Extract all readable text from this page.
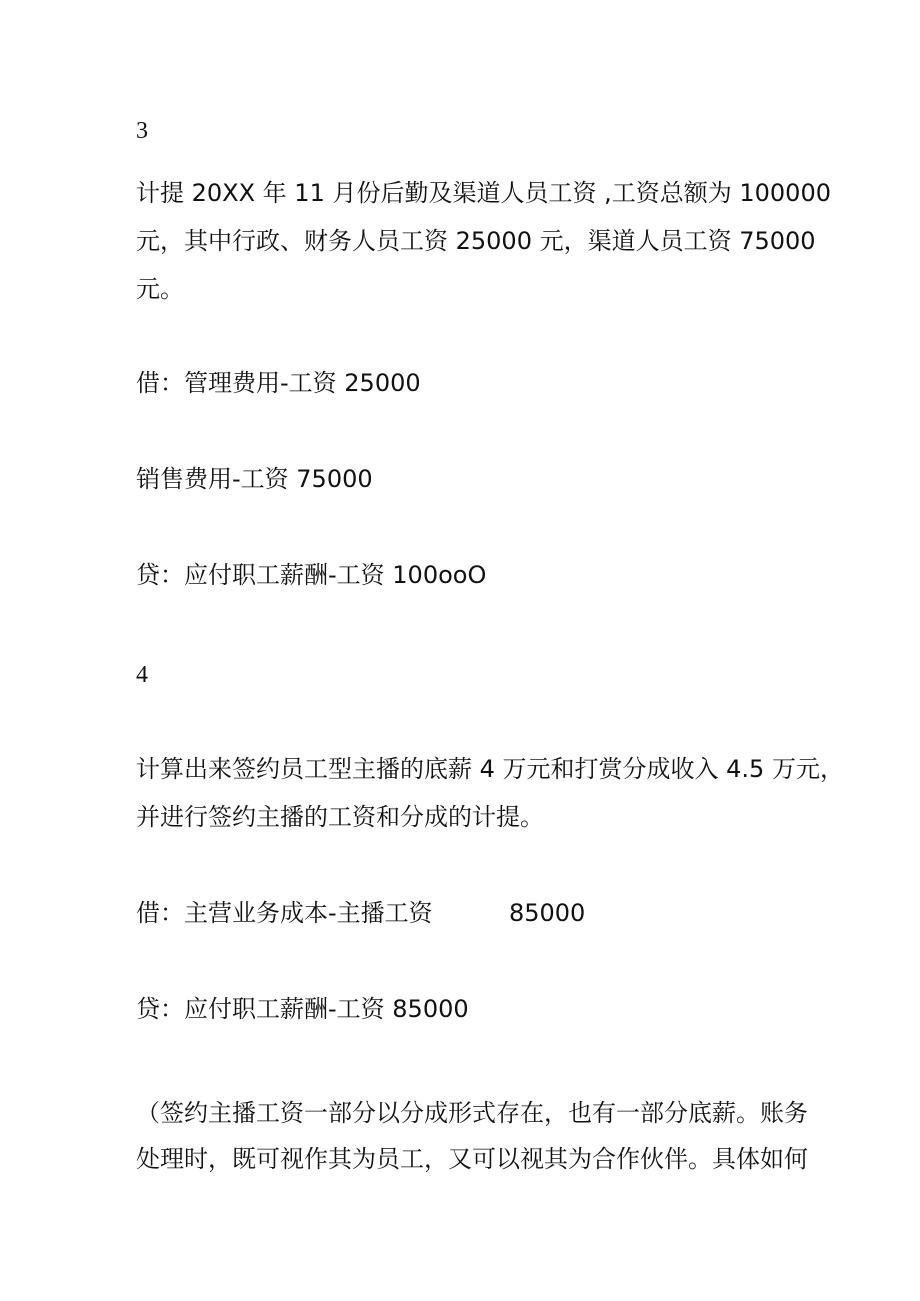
3

计提 20XX 年 11 月份后勤及渠道人员工资 ,工资总额为 100000

元，其中行政、财务人员工资 25000 元，渠道人员工资 75000

元。

借：管理费用-工资 25000

销售费用-工资 75000

贷：应付职工薪酬-工资 100ooO

4

计算出来签约员工型主播的底薪 4 万元和打赏分成收入 4.5 万元，

并进行签约主播的工资和分成的计提。

借：主营业务成本-主播工资          85000

贷：应付职工薪酬-工资 85000

（签约主播工资一部分以分成形式存在，也有一部分底薪。账务

处理时，既可视作其为员工，又可以视其为合作伙伴。具体如何
